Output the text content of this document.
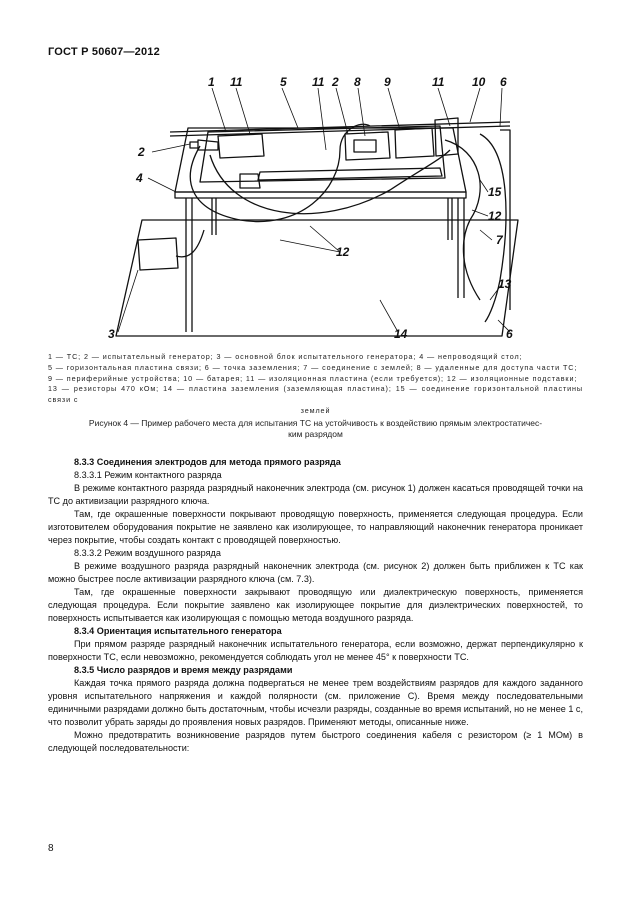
ГОСТ Р 50607—2012
1 11	5 11 2 8 9	11 10 6
2
15
4
12
7
13
12
3	14	6

1 — ТС; 2 — испытательный генератор; 3 — основной блок испытательного генератора; 4 — непроводящий стол;

5 — горизонтальная пластина связи; 6 — точка заземления; 7 — соединение с землей; 8 — удаленные для доступа части ТС;

9 — периферийные устройства; 10 — батарея; 11 — изоляционная пластина (если требуется); 12 — изоляционные подставки;

13 — резисторы 470 кОм; 14 — пластина заземления (заземляющая пластина); 15 — соединение горизонтальной пластины связи с

землей

Рисунок 4 — Пример рабочего места для испытания ТС на устойчивость к воздействию прямым электростатичес-
ким разрядом

8.3.3 Соединения электродов для метода прямого разряда

8.3.3.1 Режим контактного разряда

В режиме контактного разряда разрядный наконечник электрода (см. рисунок 1) должен касаться проводящей точки на ТС до активизации разрядного ключа.

Там, где окрашенные поверхности покрывают проводящую поверхность, применяется следующая процедура. Если изготовителем оборудования покрытие не заявлено как изолирующее, то направляющий наконечник генератора проникает через покрытие, чтобы создать контакт с проводящей поверхностью.

8.3.3.2 Режим воздушного разряда

В режиме воздушного разряда разрядный наконечник электрода (см. рисунок 2) должен быть приближен к ТС как можно быстрее после активизации разрядного ключа (см. 7.3).

Там, где окрашенные поверхности закрывают проводящую или диэлектрическую поверхность, применяется следующая процедура. Если покрытие заявлено как изолирующее покрытие для диэлектрических поверхностей, то поверхность испытывается как изолирующая с помощью метода воздушного разряда.

8.3.4 Ориентация испытательного генератора

При прямом разряде разрядный наконечник испытательного генератора, если возможно, держат перпендикулярно к поверхности ТС, если невозможно, рекомендуется соблюдать угол не менее 45° к поверхности ТС.

8.3.5 Число разрядов и время между разрядами

Каждая точка прямого разряда должна подвергаться не менее трем воздействиям разрядов для каждого заданного уровня испытательного напряжения и каждой полярности (см. приложение С). Время между последовательными единичными разрядами должно быть достаточным, чтобы исчезли разряды, созданные во время испытаний, но не менее 1 с, что позволит убрать заряды до проявления новых разрядов. Применяют методы, описанные ниже.

Можно предотвратить возникновение разрядов путем быстрого соединения кабеля с резистором (≥ 1 МОм) в следующей последовательности:

8
